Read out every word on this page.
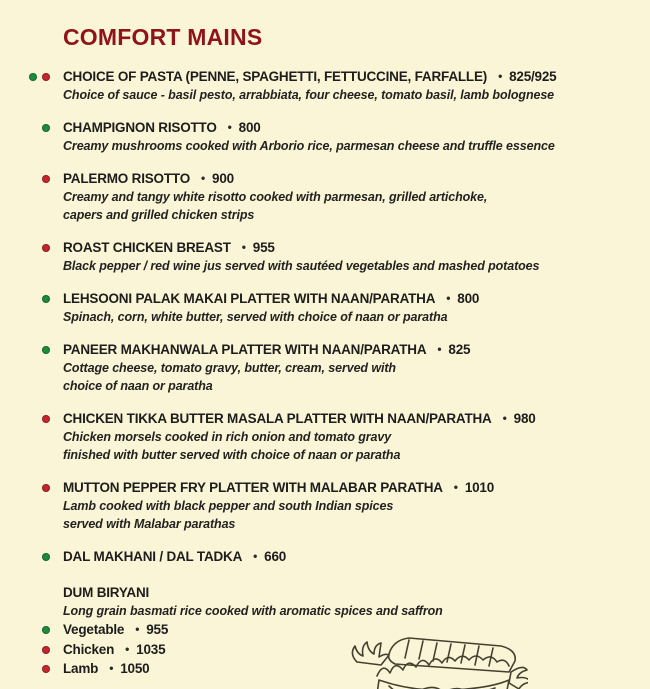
COMFORT MAINS
CHOICE OF PASTA (PENNE, SPAGHETTI, FETTUCCINE, FARFALLE) • 825/925
Choice of sauce - basil pesto, arrabbiata, four cheese, tomato basil, lamb bolognese
CHAMPIGNON RISOTTO • 800
Creamy mushrooms cooked with Arborio rice, parmesan cheese and truffle essence
PALERMO RISOTTO • 900
Creamy and tangy white risotto cooked with parmesan, grilled artichoke,
capers and grilled chicken strips
ROAST CHICKEN BREAST • 955
Black pepper / red wine jus served with sautéed vegetables and mashed potatoes
LEHSOONI PALAK MAKAI PLATTER WITH NAAN/PARATHA • 800
Spinach, corn, white butter, served with choice of naan or paratha
PANEER MAKHANWALA PLATTER WITH NAAN/PARATHA • 825
Cottage cheese, tomato gravy, butter, cream, served with
choice of naan or paratha
CHICKEN TIKKA BUTTER MASALA PLATTER WITH NAAN/PARATHA • 980
Chicken morsels cooked in rich onion and tomato gravy
finished with butter served with choice of naan or paratha
MUTTON PEPPER FRY PLATTER WITH MALABAR PARATHA • 1010
Lamb cooked with black pepper and south Indian spices
served with Malabar parathas
DAL MAKHANI / DAL TADKA • 660
DUM BIRYANI
Long grain basmati rice cooked with aromatic spices and saffron
Vegetable • 955
Chicken • 1035
Lamb • 1050
